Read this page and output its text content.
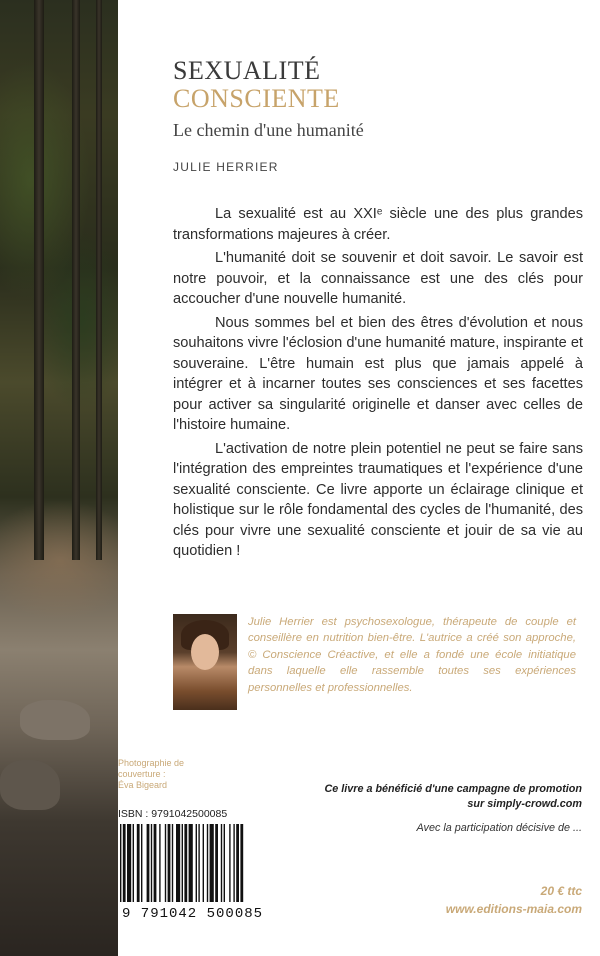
SEXUALITÉ
CONSCIENTE
Le chemin d'une humanité
JULIE HERRIER

La sexualité est au XXIᵉ siècle une des plus grandes transformations majeures à créer.

L'humanité doit se souvenir et doit savoir. Le savoir est notre pouvoir, et la connaissance est une des clés pour accoucher d'une nouvelle humanité.

Nous sommes bel et bien des êtres d'évolution et nous souhaitons vivre l'éclosion d'une humanité mature, inspirante et souveraine. L'être humain est plus que jamais appelé à intégrer et à incarner toutes ses consciences et ses facettes pour activer sa singularité originelle et danser avec celles de l'histoire humaine.

L'activation de notre plein potentiel ne peut se faire sans l'intégration des empreintes traumatiques et l'expérience d'une sexualité consciente. Ce livre apporte un éclairage clinique et holistique sur le rôle fondamental des cycles de l'humanité, des clés pour vivre une sexualité consciente et jouir de sa vie au quotidien !

Julie Herrier est psychosexologue, thérapeute de couple et conseillère en nutrition bien-être. L'autrice a créé son approche, © Conscience Créactive, et elle a fondé une école initiatique dans laquelle elle rassemble toutes ses expériences personnelles et professionnelles.
Photographie de couverture :
Éva Bigeard	Ce livre a bénéficié d'une campagne de promotion
sur simply-crowd.com
Avec la participation décisive de ...
ISBN : 9791042500085
9 791042 500085
20 € ttc
www.editions-maia.com
